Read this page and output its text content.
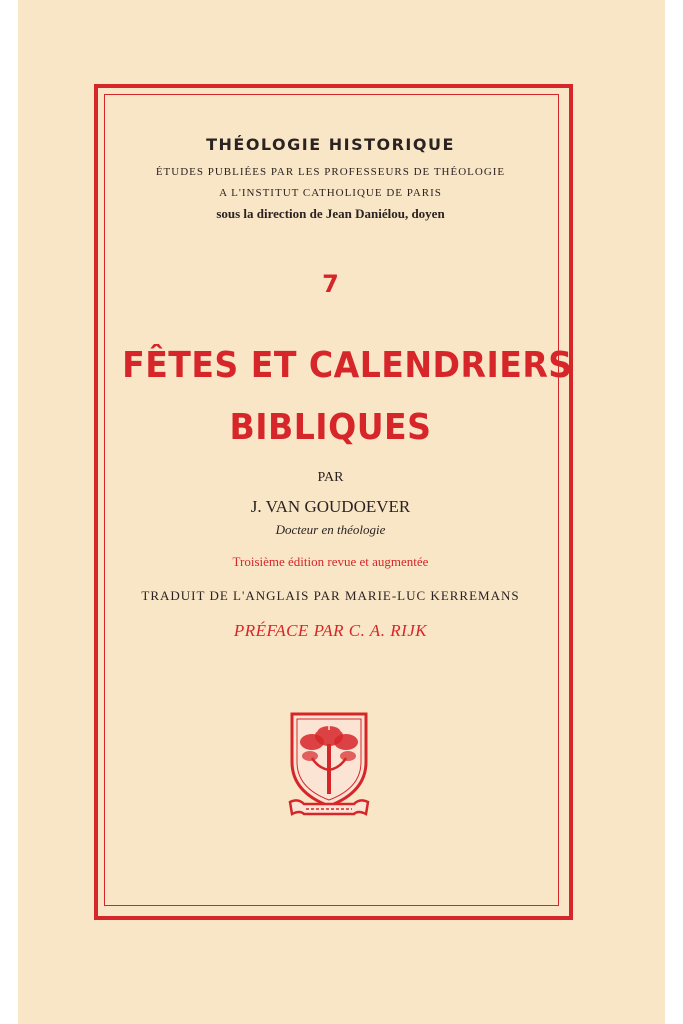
THÉOLOGIE HISTORIQUE

ÉTUDES PUBLIÉES PAR LES PROFESSEURS DE THÉOLOGIE

A L'INSTITUT CATHOLIQUE DE PARIS

sous la direction de Jean Daniélou, doyen

7

FÊTES ET CALENDRIERS

BIBLIQUES

PAR

J. VAN GOUDOEVER

Docteur en théologie

Troisième édition revue et augmentée

TRADUIT DE L'ANGLAIS PAR MARIE-LUC KERREMANS

PRÉFACE PAR C. A. RIJK
